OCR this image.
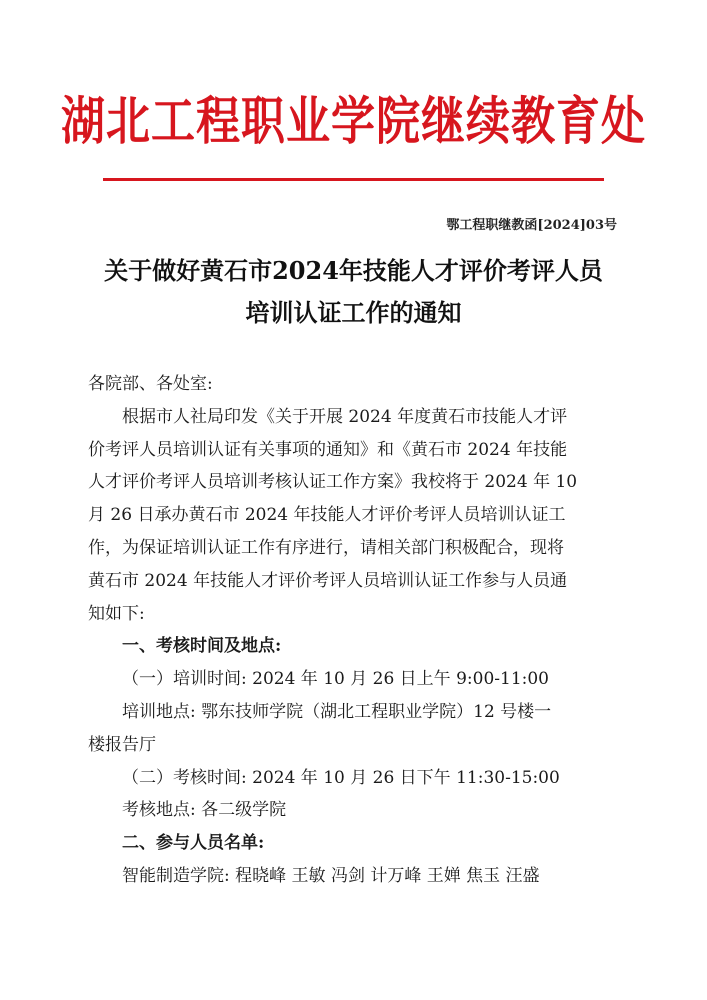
湖北工程职业学院继续教育处
鄂工程职继教函[2024]03号
关于做好黄石市2024年技能人才评价考评人员
培训认证工作的通知

各院部、各处室:

根据市人社局印发《关于开展 2024 年度黄石市技能人才评

价考评人员培训认证有关事项的通知》和《黄石市 2024 年技能

人才评价考评人员培训考核认证工作方案》我校将于 2024 年 10

月 26 日承办黄石市 2024 年技能人才评价考评人员培训认证工

作，为保证培训认证工作有序进行，请相关部门积极配合，现将

黄石市 2024 年技能人才评价考评人员培训认证工作参与人员通

知如下:

一、考核时间及地点:

（一）培训时间: 2024 年 10 月 26 日上午 9:00-11:00

培训地点: 鄂东技师学院（湖北工程职业学院）12 号楼一

楼报告厅

（二）考核时间: 2024 年 10 月 26 日下午 11:30-15:00

考核地点: 各二级学院

二、参与人员名单:

智能制造学院: 程晓峰 王敏 冯剑 计万峰 王婵 焦玉 汪盛
